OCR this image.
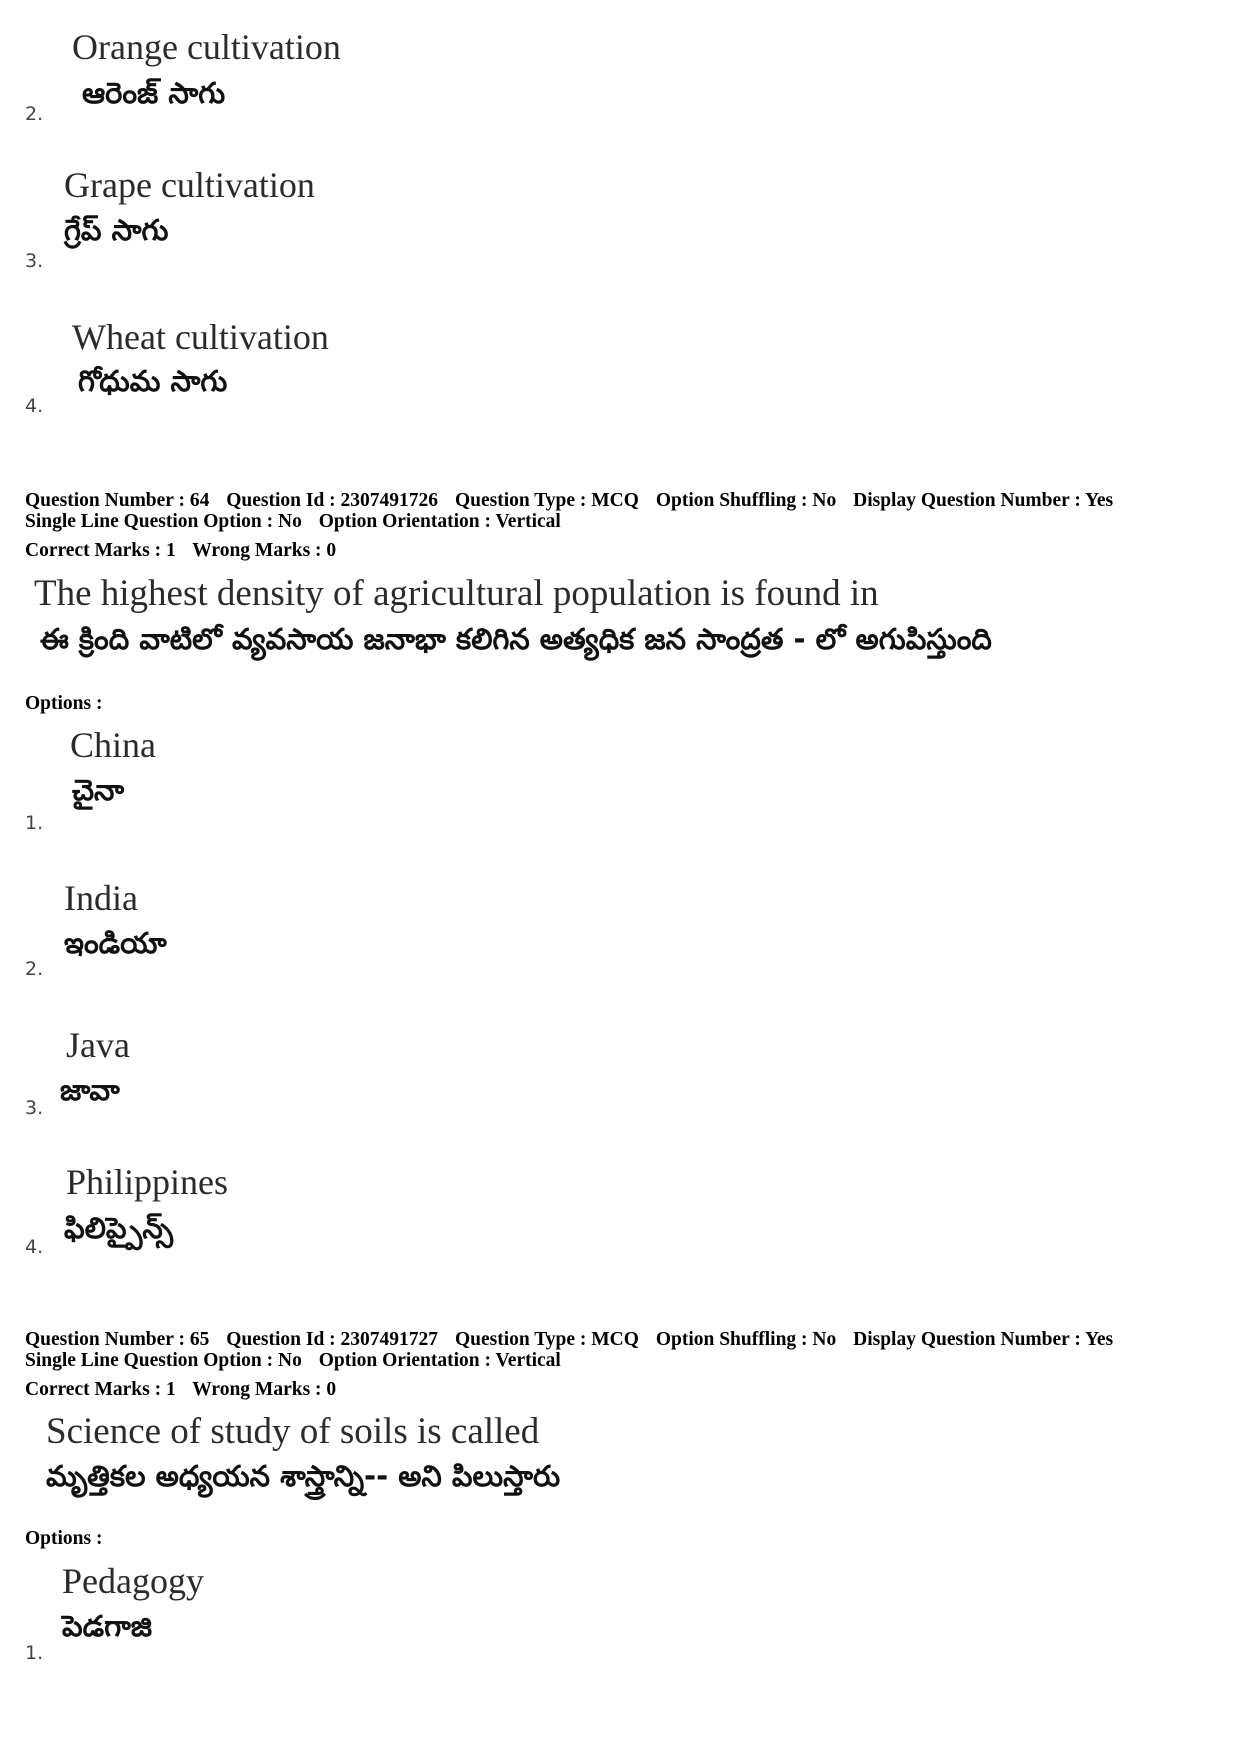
Orange cultivation
ఆరెంజ్ సాగు
2.
Grape cultivation
గ్రేప్ సాగు
3.
Wheat cultivation
గోధుమ సాగు
4.
Question Number : 64 Question Id : 2307491726 Question Type : MCQ Option Shuffling : No Display Question Number : Yes
Single Line Question Option : No Option Orientation : Vertical
Correct Marks : 1 Wrong Marks : 0
The highest density of agricultural population is found in
ఈ క్రింది వాటిలో వ్యవసాయ జనాభా కలిగిన అత్యధిక జన సాంద్రత - లో అగుపిస్తుంది
Options :
China
చైనా
1.
India
ఇండియా
2.
Java
జావా
3.
Philippines
ఫిలిప్పైన్స్
4.
Question Number : 65 Question Id : 2307491727 Question Type : MCQ Option Shuffling : No Display Question Number : Yes
Single Line Question Option : No Option Orientation : Vertical
Correct Marks : 1 Wrong Marks : 0
Science of study of soils is called
మృత్తికల అధ్యయన శాస్త్రాన్ని-- అని పిలుస్తారు
Options :
Pedagogy
పెడగాజి
1.
